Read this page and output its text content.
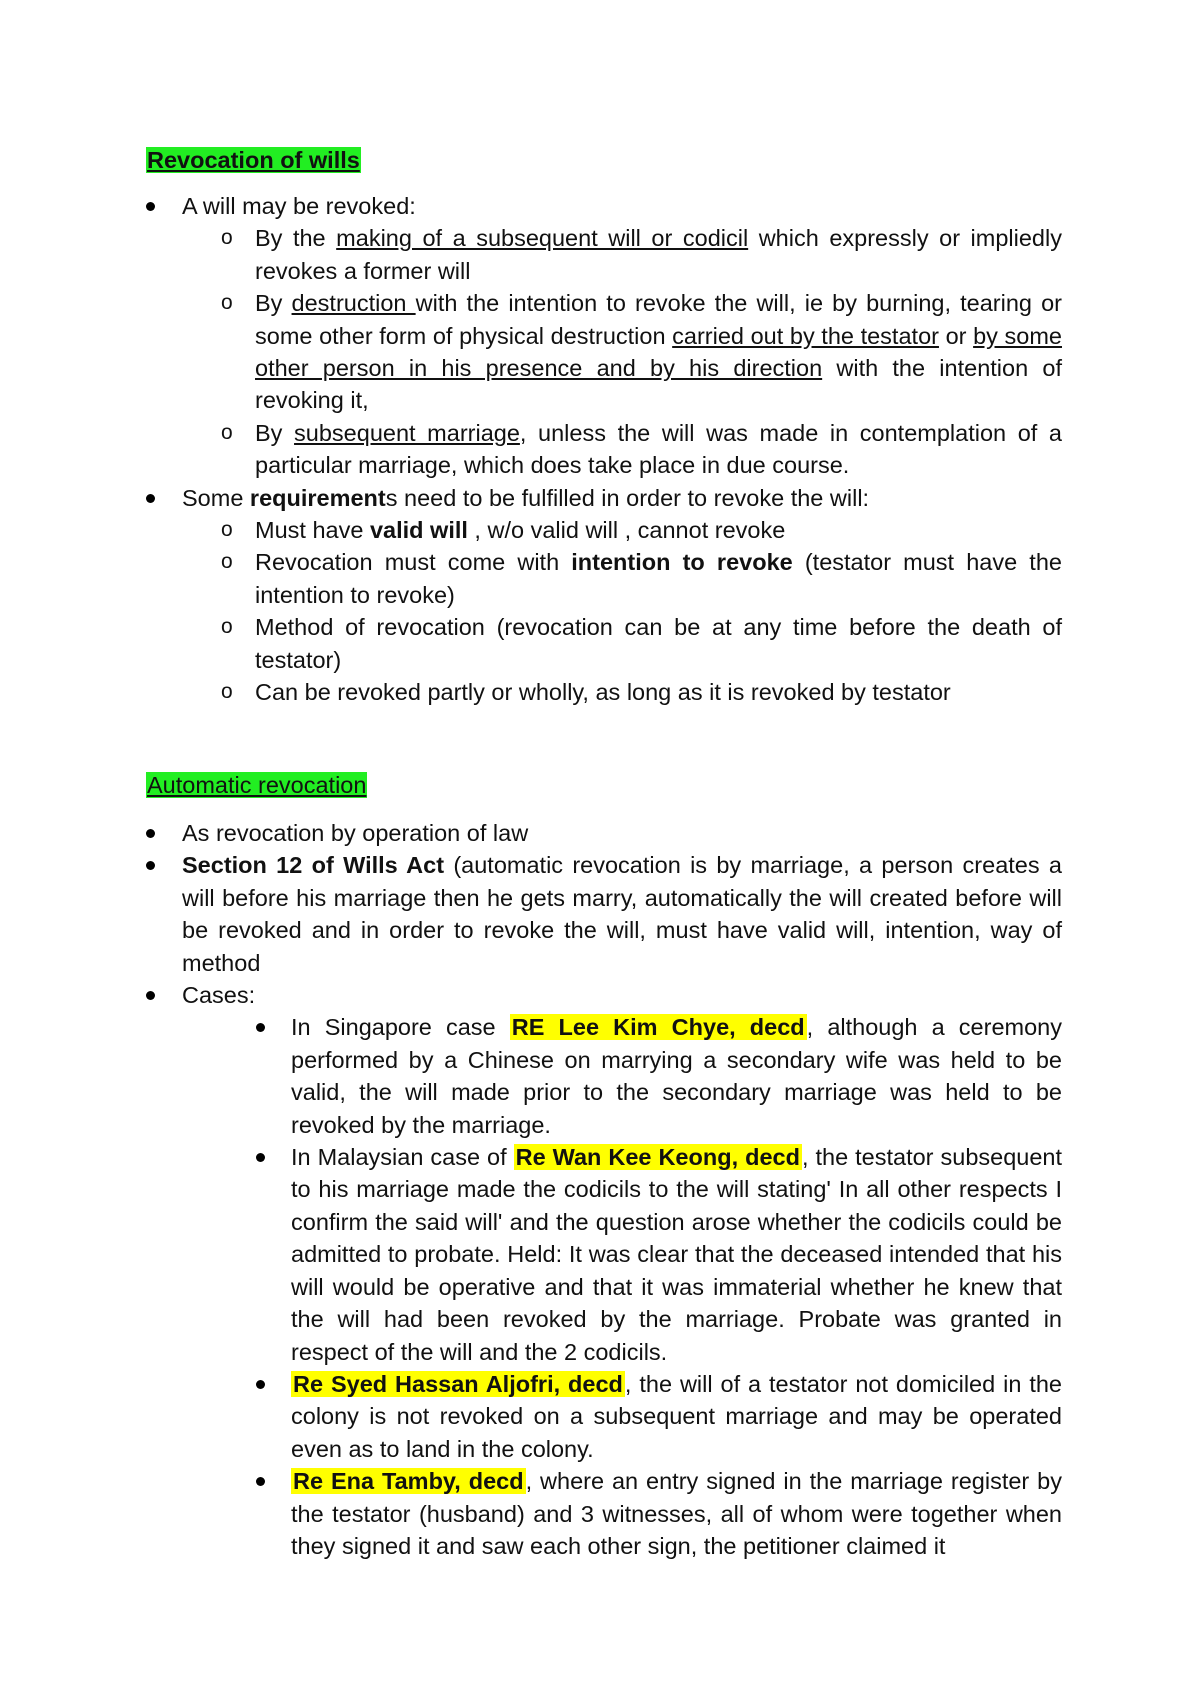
Revocation of wills
A will may be revoked:
o By the making of a subsequent will or codicil which expressly or impliedly revokes a former will
o By destruction with the intention to revoke the will, ie by burning, tearing or some other form of physical destruction carried out by the testator or by some other person in his presence and by his direction with the intention of revoking it,
o By subsequent marriage, unless the will was made in contemplation of a particular marriage, which does take place in due course.
Some requirements need to be fulfilled in order to revoke the will:
o Must have valid will , w/o valid will , cannot revoke
o Revocation must come with intention to revoke (testator must have the intention to revoke)
o Method of revocation (revocation can be at any time before the death of testator)
o Can be revoked partly or wholly, as long as it is revoked by testator
Automatic revocation
As revocation by operation of law
Section 12 of Wills Act (automatic revocation is by marriage, a person creates a will before his marriage then he gets marry, automatically the will created before will be revoked and in order to revoke the will, must have valid will, intention, way of method
Cases:
In Singapore case RE Lee Kim Chye, decd, although a ceremony performed by a Chinese on marrying a secondary wife was held to be valid, the will made prior to the secondary marriage was held to be revoked by the marriage.
In Malaysian case of Re Wan Kee Keong, decd, the testator subsequent to his marriage made the codicils to the will stating' In all other respects I confirm the said will' and the question arose whether the codicils could be admitted to probate. Held: It was clear that the deceased intended that his will would be operative and that it was immaterial whether he knew that the will had been revoked by the marriage. Probate was granted in respect of the will and the 2 codicils.
Re Syed Hassan Aljofri, decd, the will of a testator not domiciled in the colony is not revoked on a subsequent marriage and may be operated even as to land in the colony.
Re Ena Tamby, decd, where an entry signed in the marriage register by the testator (husband) and 3 witnesses, all of whom were together when they signed it and saw each other sign, the petitioner claimed it
